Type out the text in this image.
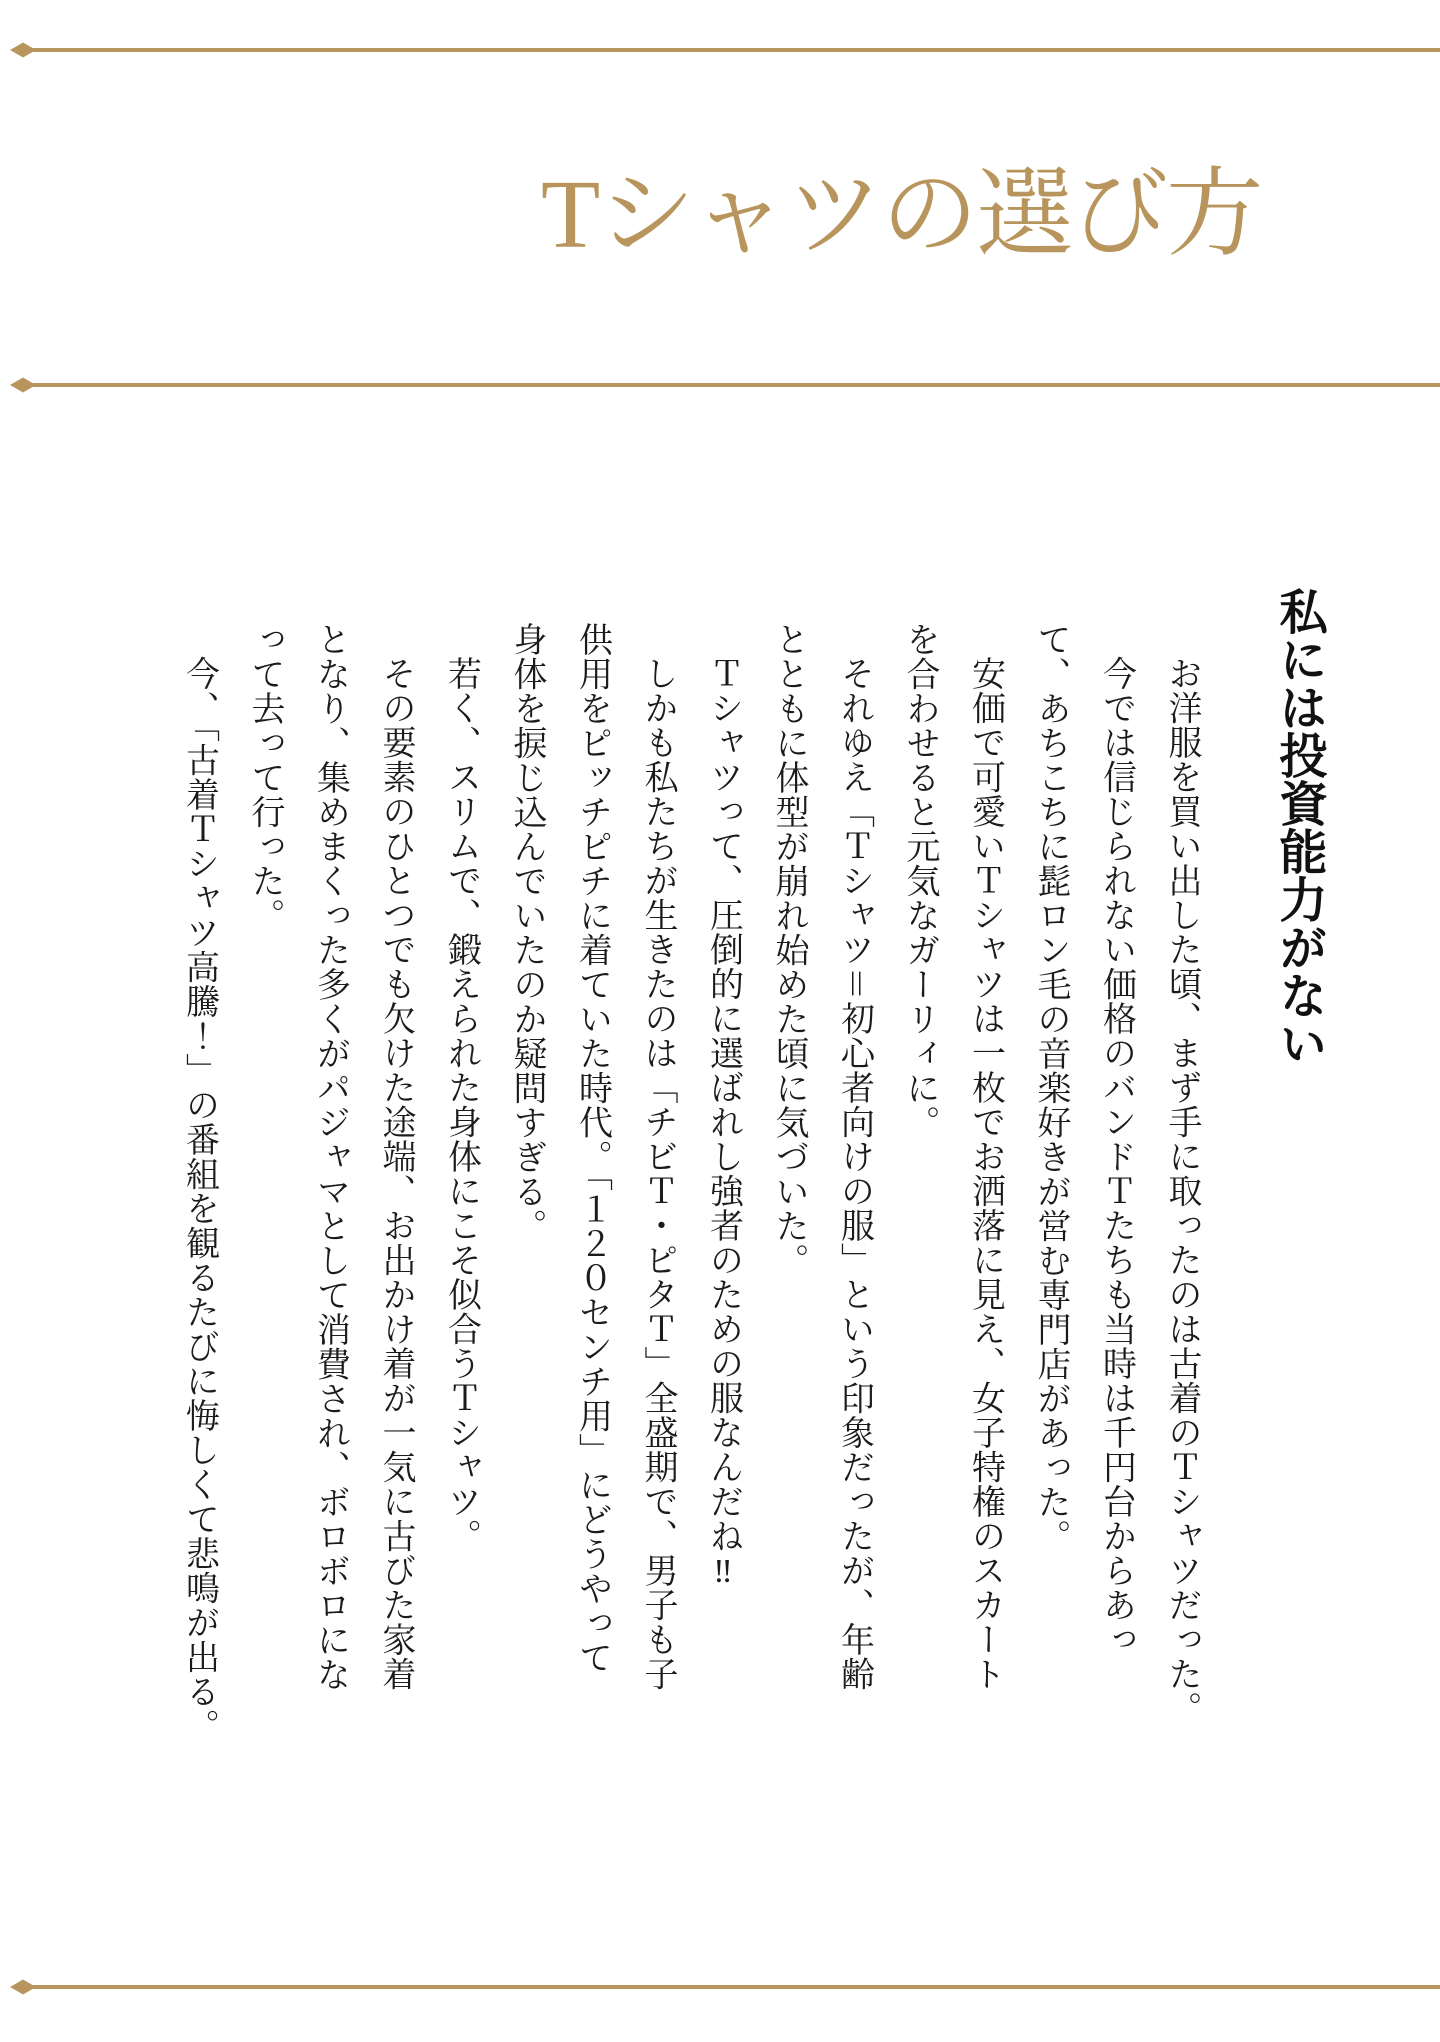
Tシャツの選び方
私には投資能力がない

お洋服を買い出した頃、まず手に取ったのは古着のＴシャツだった。

今では信じられない価格のバンドＴたちも当時は千円台からあっ

て、あちこちに髭ロン毛の音楽好きが営む専門店があった。

安価で可愛いＴシャツは一枚でお洒落に見え、女子特権のスカート

を合わせると元気なガーリィに。

それゆえ「Ｔシャツ＝初心者向けの服」という印象だったが、年齢

とともに体型が崩れ始めた頃に気づいた。

Ｔシャツって、圧倒的に選ばれし強者のための服なんだね‼

しかも私たちが生きたのは「チビＴ・ピタＴ」全盛期で、男子も子

供用をピッチピチに着ていた時代。「１２０センチ用」にどうやって

身体を捩じ込んでいたのか疑問すぎる。

若く、スリムで、鍛えられた身体にこそ似合うＴシャツ。

その要素のひとつでも欠けた途端、お出かけ着が一気に古びた家着

となり、集めまくった多くがパジャマとして消費され、ボロボロにな

って去って行った。

今、「古着Ｔシャツ高騰！」の番組を観るたびに悔しくて悲鳴が出る。
